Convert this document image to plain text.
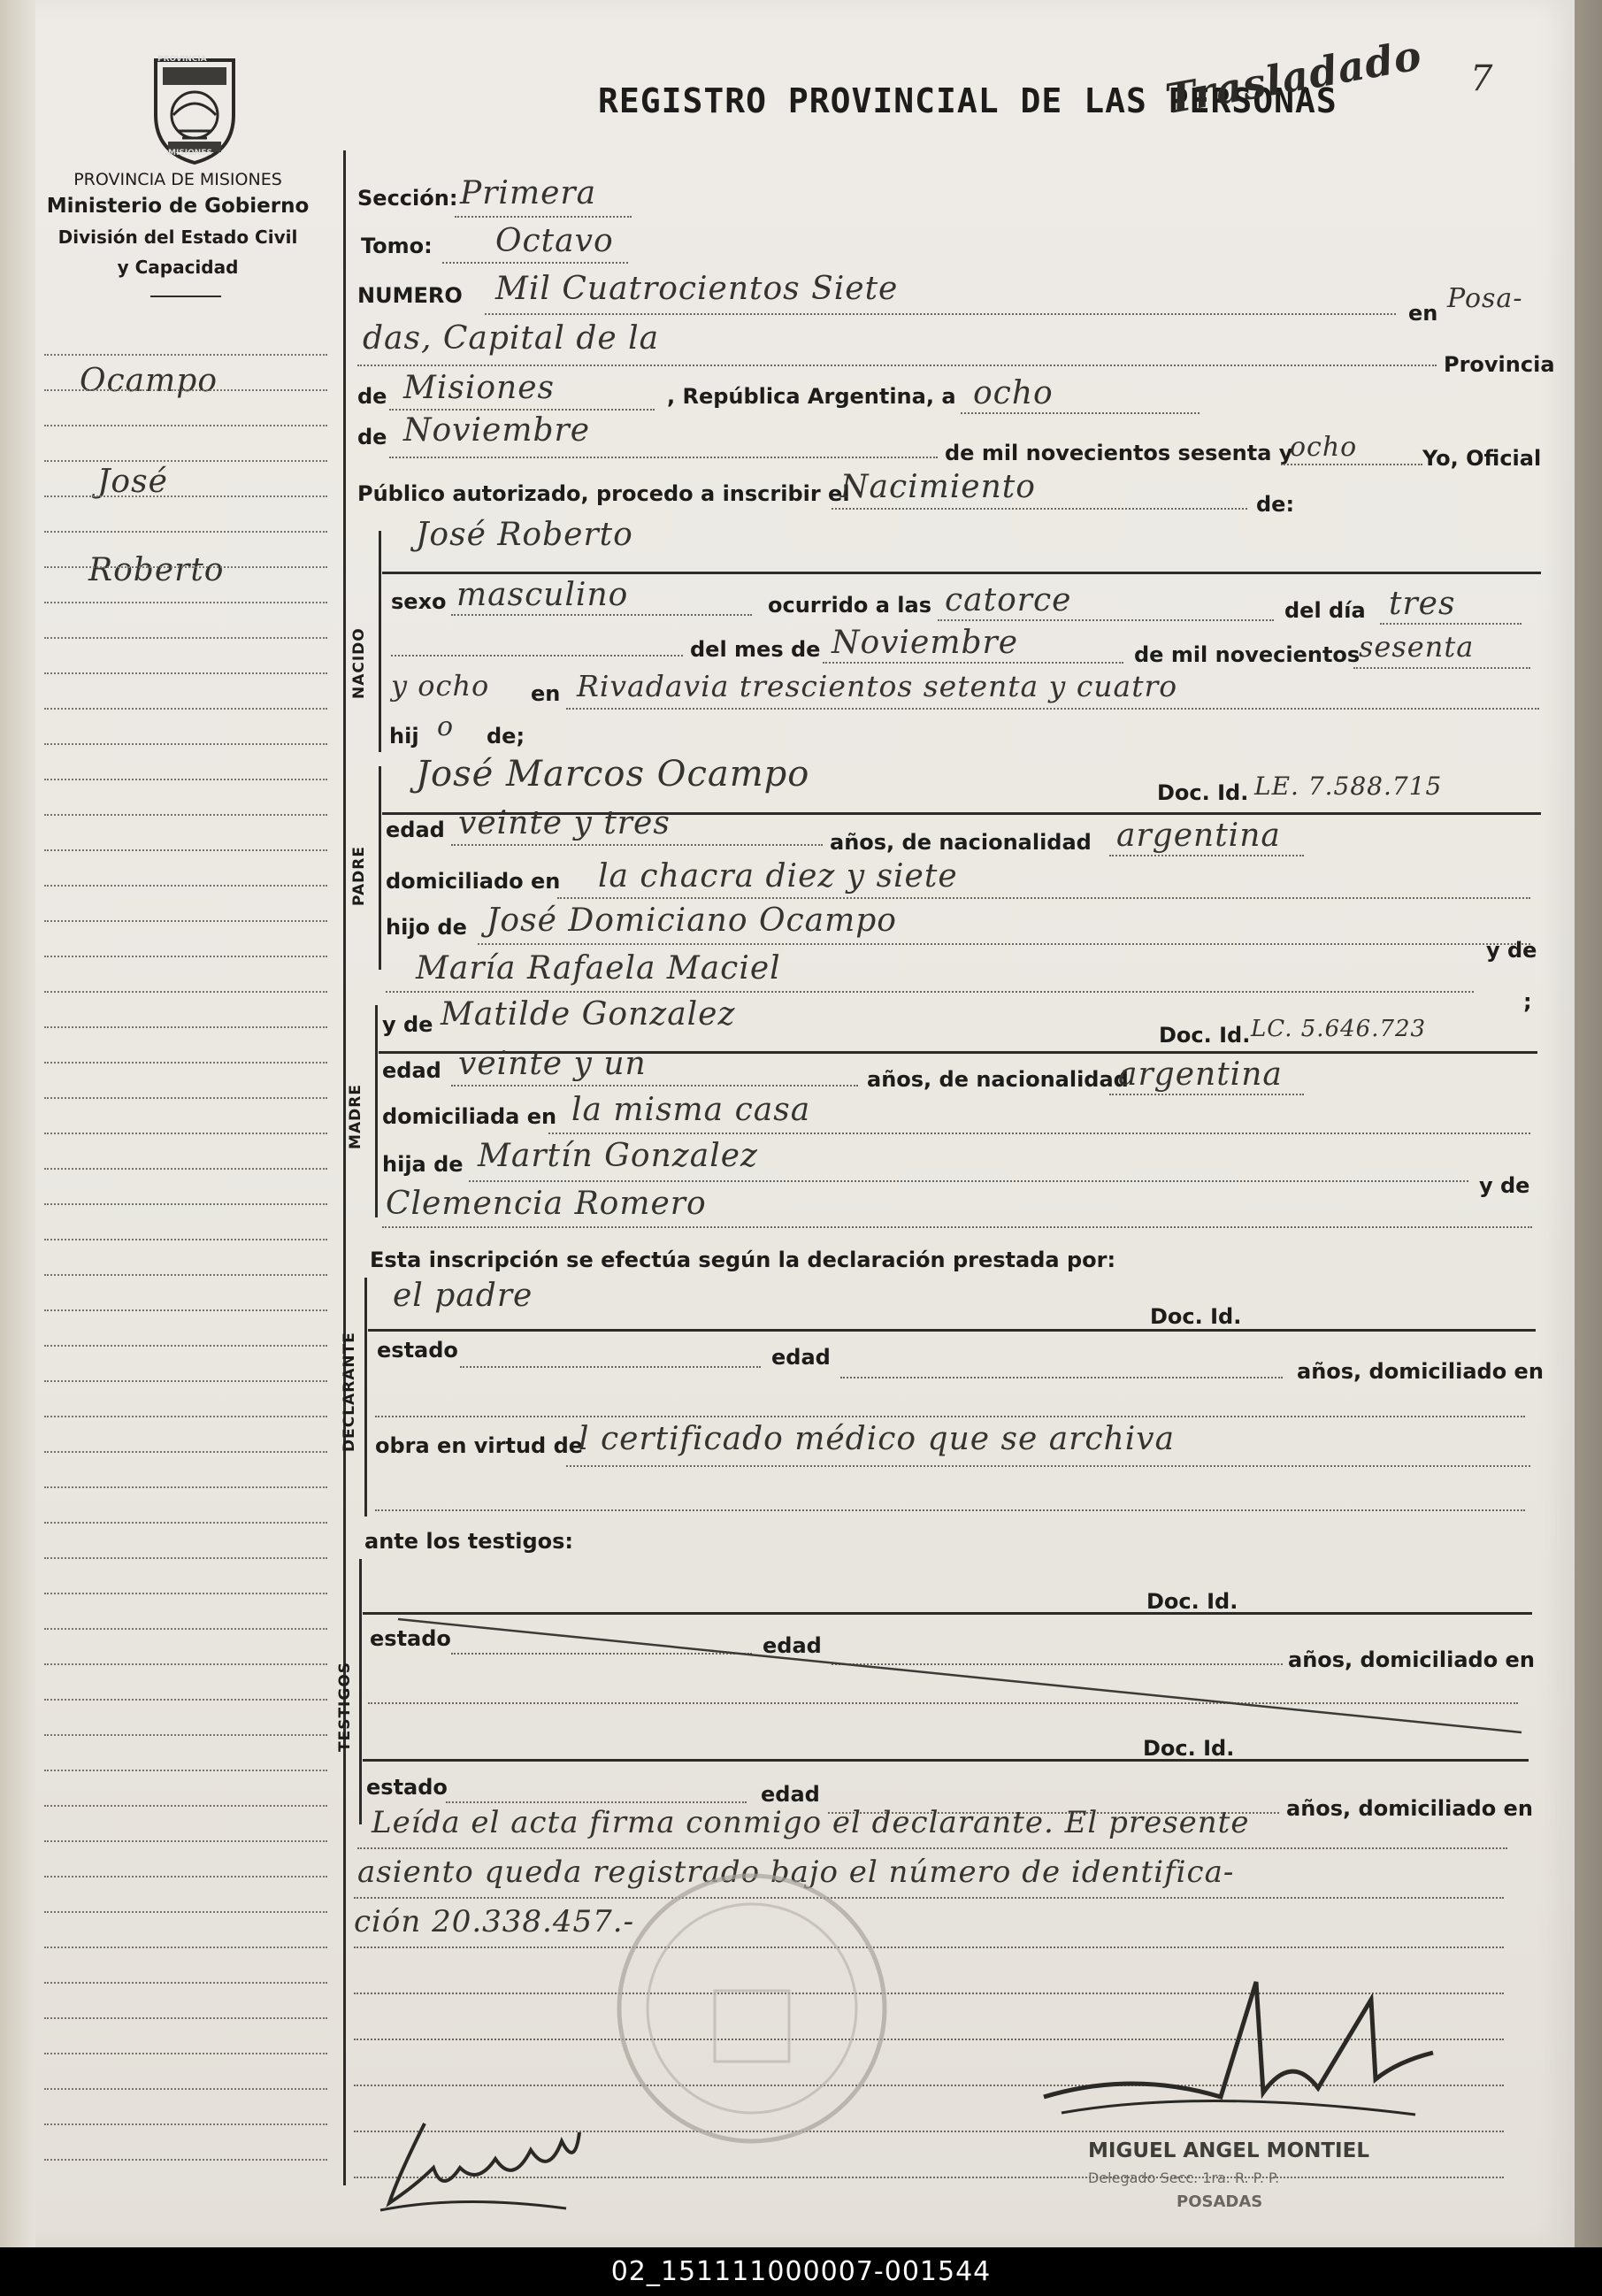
PROVINCIA
MISIONES
PROVINCIA DE MISIONES
Ministerio de Gobierno
División del Estado Civil
y Capacidad
REGISTRO PROVINCIAL DE LAS PERSONAS
Trasladado 7
Ocampo
José
Roberto
Sección: Primera
Tomo: Octavo
NUMERO Mil Cuatrocientos Siete
en Posa-
das, Capital de la
Provincia
de Misiones	, República Argentina, a ocho
de Noviembre
de mil novecientos sesenta y
ocho	Yo, Oficial
Público autorizado, procedo a inscribir el
Nacimiento	de:
NACIDO
José Roberto
sexo masculino	ocurrido a las catorce	del día tres
del mes de Noviembre	de mil novecientos
sesenta
y ocho en Rivadavia trescientos setenta y cuatro
hij o de;
PADRE
José Marcos Ocampo	Doc. Id. LE. 7.588.715
edad veinte y tres
años, de nacionalidad argentina
domiciliado en la chacra diez y siete
hijo de José Domiciano Ocampo
María Rafaela Maciel	y de
;
MADRE
y de Matilde Gonzalez
Doc. Id. LC. 5.646.723
edad veinte y un	años, de nacionalidad
argentina
domiciliada en la misma casa
hija de Martín Gonzalez
y de
Clemencia Romero
Esta inscripción se efectúa según la declaración prestada por:
DECLARANTE
el padre
Doc. Id.
estado	edad
años, domiciliado en
obra en virtud de
l certificado médico que se archiva
ante los testigos:
TESTIGOS
Doc. Id.
estado	edad
años, domiciliado en
Doc. Id.
estado	edad
años, domiciliado en
Leída el acta firma conmigo el declarante. El presente
asiento queda registrado bajo el número de identifica-
ción 20.338.457.-
MIGUEL ANGEL MONTIEL
Delegado Secc. 1ra. R. P. P.
POSADAS
02_151111000007-001544
